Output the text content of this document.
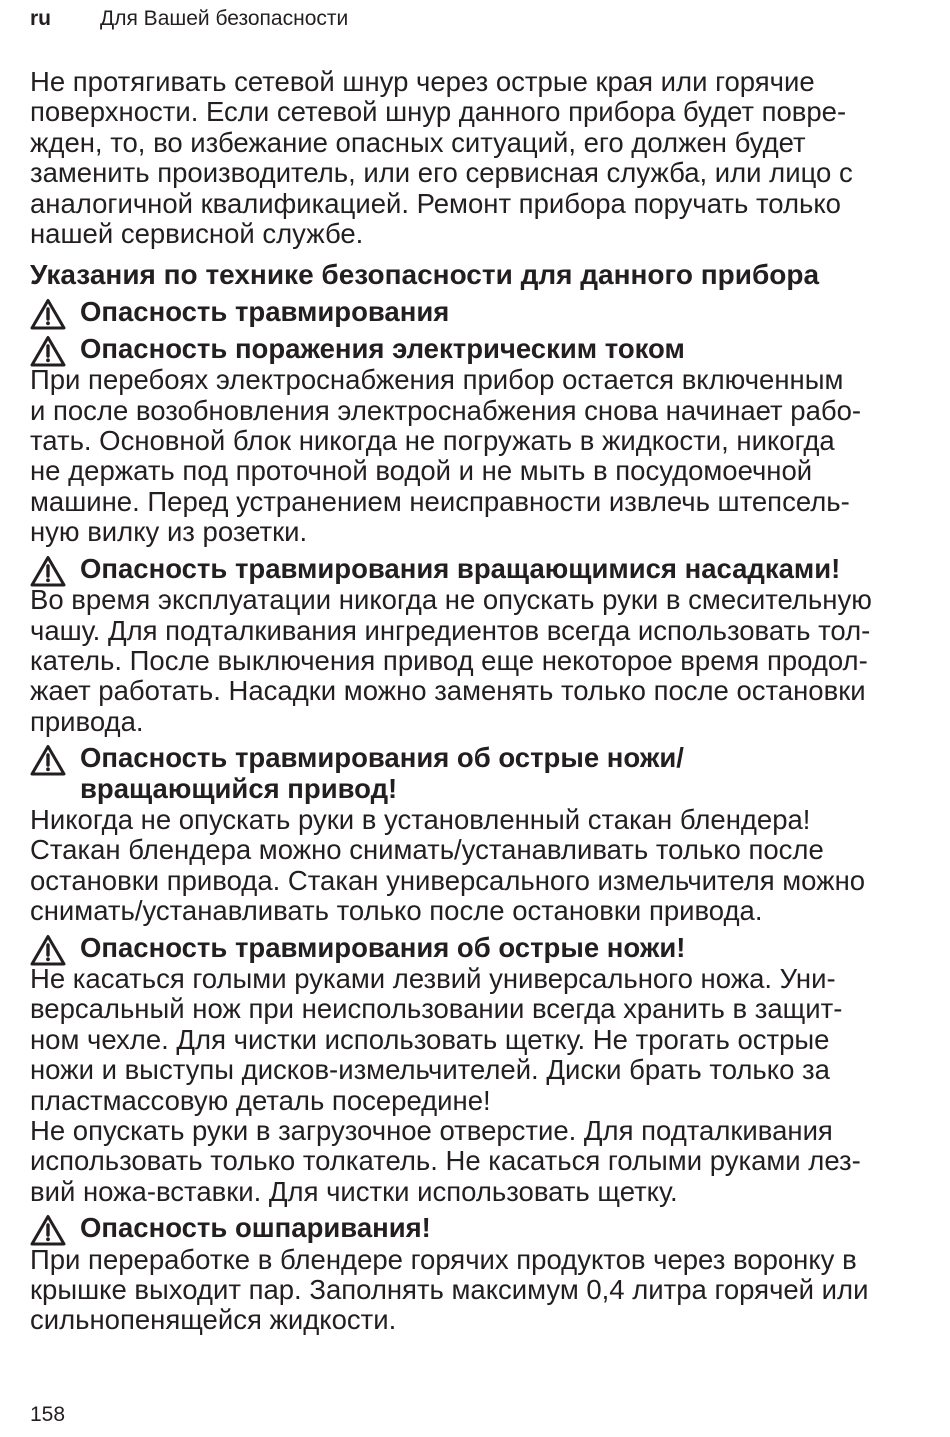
ru Для Вашей безопасности

Не протягивать сетевой шнур через острые края или горячие
поверхности. Если сетевой шнур данного прибора будет повре-
жден, то, во избежание опасных ситуаций, его должен будет
заменить производитель, или его сервисная служба, или лицо с
аналогичной квалификацией. Ремонт прибора поручать только
нашей сервисной службе.

Указания по технике безопасности для данного прибора
Опасность травмирования
Опасность поражения электрическим током

При перебоях электроснабжения прибор остается включенным
и после возобновления электроснабжения снова начинает рабо-
тать. Основной блок никогда не погружать в жидкости, никогда
не держать под проточной водой и не мыть в посудомоечной
машине. Перед устранением неисправности извлечь штепсель-
ную вилку из розетки.

Опасность травмирования вращающимися насадками!

Во время эксплуатации никогда не опускать руки в смесительную
чашу. Для подталкивания ингредиентов всегда использовать тол-
катель. После выключения привод еще некоторое время продол-
жает работать. Насадки можно заменять только после остановки
привода.

Опасность травмирования об острые ножи/
вращающийся привод!

Никогда не опускать руки в установленный стакан блендера!
Стакан блендера можно снимать/устанавливать только после
остановки привода. Стакан универсального измельчителя можно
снимать/устанавливать только после остановки привода.

Опасность травмирования об острые ножи!

Не касаться голыми руками лезвий универсального ножа. Уни-
версальный нож при неиспользовании всегда хранить в защит-
ном чехле. Для чистки использовать щетку. Не трогать острые
ножи и выступы дисков-измельчителей. Диски брать только за
пластмассовую деталь посередине!
Не опускать руки в загрузочное отверстие. Для подталкивания
использовать только толкатель. Не касаться голыми руками лез-
вий ножа-вставки. Для чистки использовать щетку.

Опасность ошпаривания!

При переработке в блендере горячих продуктов через воронку в
крышке выходит пар. Заполнять максимум 0,4 литра горячей или
сильнопенящейся жидкости.

158
